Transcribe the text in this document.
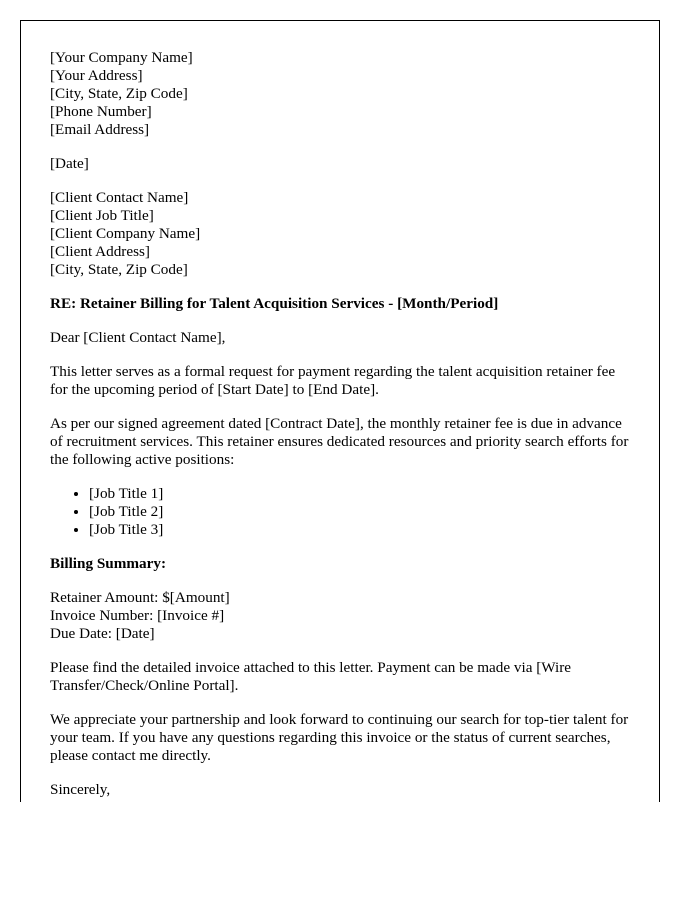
[Your Company Name]
[Your Address]
[City, State, Zip Code]
[Phone Number]
[Email Address]
[Date]
[Client Contact Name]
[Client Job Title]
[Client Company Name]
[Client Address]
[City, State, Zip Code]

RE: Retainer Billing for Talent Acquisition Services - [Month/Period]

Dear [Client Contact Name],

This letter serves as a formal request for payment regarding the talent acquisition retainer fee for the upcoming period of [Start Date] to [End Date].

As per our signed agreement dated [Contract Date], the monthly retainer fee is due in advance of recruitment services. This retainer ensures dedicated resources and priority search efforts for the following active positions:

• [Job Title 1]
• [Job Title 2]
• [Job Title 3]

Billing Summary:

Retainer Amount: $[Amount]
Invoice Number: [Invoice #]
Due Date: [Date]

Please find the detailed invoice attached to this letter. Payment can be made via [Wire Transfer/Check/Online Portal].

We appreciate your partnership and look forward to continuing our search for top-tier talent for your team. If you have any questions regarding this invoice or the status of current searches, please contact me directly.

Sincerely,
